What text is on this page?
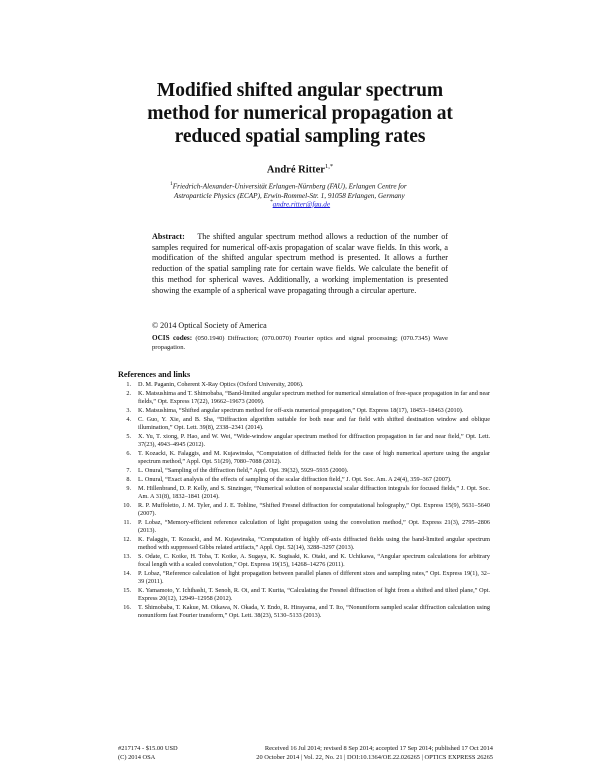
Modified shifted angular spectrum
method for numerical propagation at
reduced spatial sampling rates
André Ritter$^{1,*}$
$^1$Friedrich-Alexander-Universität Erlangen-Nürnberg (FAU), Erlangen Centre for
Astroparticle Physics (ECAP), Erwin-Rommel-Str. 1, 91058 Erlangen, Germany
*andre.ritter@fau.de
Abstract: The shifted angular spectrum method allows a reduction of the number of samples required for numerical off-axis propagation of scalar wave fields. In this work, a modification of the shifted angular spectrum method is presented. It allows a further reduction of the spatial sampling rate for certain wave fields. We calculate the benefit of this method for spherical waves. Additionally, a working implementation is presented showing the example of a spherical wave propagating through a circular aperture.
© 2014 Optical Society of America
OCIS codes: (050.1940) Diffraction; (070.0070) Fourier optics and signal processing; (070.7345) Wave propagation.
References and links
1. D. M. Paganin, Coherent X-Ray Optics (Oxford University, 2006).
2. K. Matsushima and T. Shimobaba, “Band-limited angular spectrum method for numerical simulation of free-space propagation in far and near fields,” Opt. Express 17(22), 19662–19673 (2009).
3. K. Matsushima, “Shifted angular spectrum method for off-axis numerical propagation,” Opt. Express 18(17), 18453–18463 (2010).
4. C. Guo, Y. Xie, and B. Sha, “Diffraction algorithm suitable for both near and far field with shifted destination window and oblique illumination,” Opt. Lett. 39(8), 2338–2341 (2014).
5. X. Yu, T. xiong, P. Hao, and W. Wei, “Wide-window angular spectrum method for diffraction propagation in far and near field,” Opt. Lett. 37(23), 4943–4945 (2012).
6. T. Kozacki, K. Falaggis, and M. Kujawinska, “Computation of diffracted fields for the case of high numerical aperture using the angular spectrum method,” Appl. Opt. 51(29), 7080–7088 (2012).
7. L. Onural, “Sampling of the diffraction field,” Appl. Opt. 39(32), 5929–5935 (2000).
8. L. Onural, “Exact analysis of the effects of sampling of the scalar diffraction field,” J. Opt. Soc. Am. A 24(4), 359–367 (2007).
9. M. Hillenbrand, D. P. Kelly, and S. Sinzinger, “Numerical solution of nonparaxial scalar diffraction integrals for focused fields,” J. Opt. Soc. Am. A 31(8), 1832–1841 (2014).
10. R. P. Muffoletto, J. M. Tyler, and J. E. Tohline, “Shifted Fresnel diffraction for computational holography,” Opt. Express 15(9), 5631–5640 (2007).
11. P. Lobaz, “Memory-efficient reference calculation of light propagation using the convolution method,” Opt. Express 21(3), 2795–2806 (2013).
12. K. Falaggis, T. Kozacki, and M. Kujawinska, “Computation of highly off-axis diffracted fields using the band-limited angular spectrum method with suppressed Gibbs related artifacts,” Appl. Opt. 52(14), 3288–3297 (2013).
13. S. Odate, C. Koike, H. Toba, T. Koike, A. Sugaya, K. Sugisaki, K. Otaki, and K. Uchikawa, “Angular spectrum calculations for arbitrary focal length with a scaled convolution,” Opt. Express 19(15), 14268–14276 (2011).
14. P. Lobaz, “Reference calculation of light propagation between parallel planes of different sizes and sampling rates,” Opt. Express 19(1), 32–39 (2011).
15. K. Yamamoto, Y. Ichihashi, T. Senoh, R. Oi, and T. Kurita, “Calculating the Fresnel diffraction of light from a shifted and tilted plane,” Opt. Express 20(12), 12949–12958 (2012).
16. T. Shimobaba, T. Kakue, M. Oikawa, N. Okada, Y. Endo, R. Hirayama, and T. Ito, “Nonuniform sampled scalar diffraction calculation using nonuniform fast Fourier transform,” Opt. Lett. 38(23), 5130–5133 (2013).
#217174 - $15.00 USD	Received 16 Jul 2014; revised 8 Sep 2014; accepted 17 Sep 2014; published 17 Oct 2014
(C) 2014 OSA	20 October 2014 | Vol. 22, No. 21 | DOI:10.1364/OE.22.026265 | OPTICS EXPRESS 26265
